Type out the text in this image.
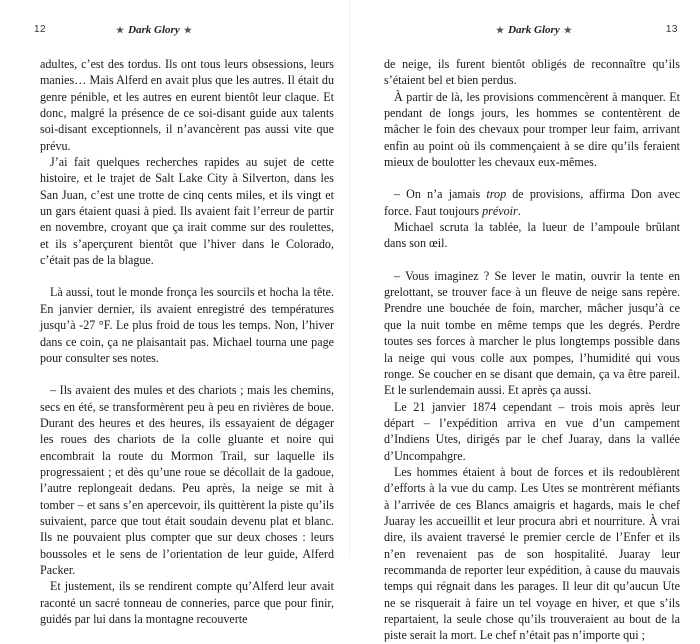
12	★ Dark Glory ★

adultes, c’est des tordus. Ils ont tous leurs obsessions, leurs manies… Mais Alferd en avait plus que les autres. Il était du genre pénible, et les autres en eurent bientôt leur claque. Et donc, malgré la présence de ce soi-disant guide aux talents soi-disant exceptionnels, il n’avancèrent pas aussi vite que prévu.

J’ai fait quelques recherches rapides au sujet de cette histoire, et le trajet de Salt Lake City à Silverton, dans les San Juan, c’est une trotte de cinq cents miles, et ils vingt et un gars étaient quasi à pied. Ils avaient fait l’erreur de partir en novembre, croyant que ça irait comme sur des roulettes, et ils s’aperçurent bientôt que l’hiver dans le Colorado, c’était pas de la blague.

Là aussi, tout le monde fronça les sourcils et hocha la tête. En janvier dernier, ils avaient enregistré des températures jusqu’à -27 °F. Le plus froid de tous les temps. Non, l’hiver dans ce coin, ça ne plaisantait pas. Michael tourna une page pour consulter ses notes.

– Ils avaient des mules et des chariots ; mais les chemins, secs en été, se transformèrent peu à peu en rivières de boue. Durant des heures et des heures, ils essayaient de dégager les roues des chariots de la colle gluante et noire qui encombrait la route du Mormon Trail, sur laquelle ils progressaient ; et dès qu’une roue se décollait de la gadoue, l’autre replongeait dedans. Peu après, la neige se mit à tomber – et sans s’en apercevoir, ils quittèrent la piste qu’ils suivaient, parce que tout était soudain devenu plat et blanc. Ils ne pouvaient plus compter que sur deux choses : leurs boussoles et le sens de l’orientation de leur guide, Alferd Packer.

Et justement, ils se rendirent compte qu’Alferd leur avait raconté un sacré tonneau de conneries, parce que pour finir, guidés par lui dans la montagne recouverte

★ Dark Glory ★	13

de neige, ils furent bientôt obligés de reconnaître qu’ils s’étaient bel et bien perdus.

À partir de là, les provisions commencèrent à manquer. Et pendant de longs jours, les hommes se contentèrent de mâcher le foin des chevaux pour tromper leur faim, arrivant enfin au point où ils commençaient à se dire qu’ils feraient mieux de boulotter les chevaux eux-mêmes.

– On n’a jamais trop de provisions, affirma Don avec force. Faut toujours prévoir.

Michael scruta la tablée, la lueur de l’ampoule brûlant dans son œil.

– Vous imaginez ? Se lever le matin, ouvrir la tente en grelottant, se trouver face à un fleuve de neige sans repère. Prendre une bouchée de foin, marcher, mâcher jusqu’à ce que la nuit tombe en même temps que les degrés. Perdre toutes ses forces à marcher le plus longtemps possible dans la neige qui vous colle aux pompes, l’humidité qui vous ronge. Se coucher en se disant que demain, ça va être pareil. Et le surlendemain aussi. Et après ça aussi.

Le 21 janvier 1874 cependant – trois mois après leur départ – l’expédition arriva en vue d’un campement d’Indiens Utes, dirigés par le chef Juaray, dans la vallée d’Uncompahgre.

Les hommes étaient à bout de forces et ils redoublèrent d’efforts à la vue du camp. Les Utes se montrèrent méfiants à l’arrivée de ces Blancs amaigris et hagards, mais le chef Juaray les accueillit et leur procura abri et nourriture. À vrai dire, ils avaient traversé le premier cercle de l’Enfer et ils n’en revenaient pas de son hospitalité. Juaray leur recommanda de reporter leur expédition, à cause du mauvais temps qui régnait dans les parages. Il leur dit qu’aucun Ute ne se risquerait à faire un tel voyage en hiver, et que s’ils repartaient, la seule chose qu’ils trouveraient au bout de la piste serait la mort. Le chef n’était pas n’importe qui ;
